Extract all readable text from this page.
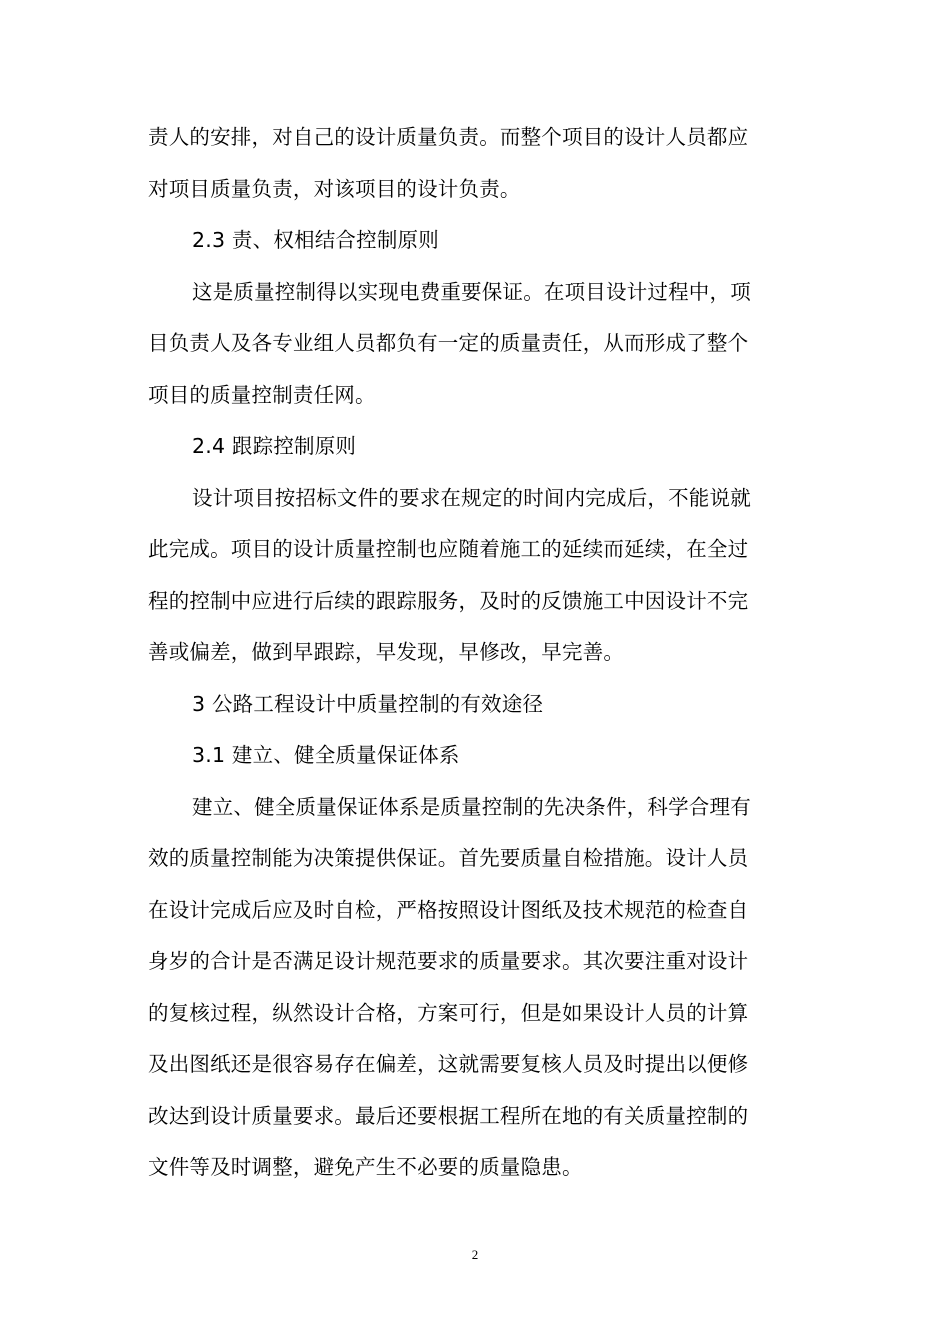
责人的安排，对自己的设计质量负责。而整个项目的设计人员都应
对项目质量负责，对该项目的设计负责。
2.3 责、权相结合控制原则
这是质量控制得以实现电费重要保证。在项目设计过程中，项
目负责人及各专业组人员都负有一定的质量责任，从而形成了整个
项目的质量控制责任网。
2.4 跟踪控制原则
设计项目按招标文件的要求在规定的时间内完成后，不能说就
此完成。项目的设计质量控制也应随着施工的延续而延续，在全过
程的控制中应进行后续的跟踪服务，及时的反馈施工中因设计不完
善或偏差，做到早跟踪，早发现，早修改，早完善。
3 公路工程设计中质量控制的有效途径
3.1 建立、健全质量保证体系
建立、健全质量保证体系是质量控制的先决条件，科学合理有
效的质量控制能为决策提供保证。首先要质量自检措施。设计人员
在设计完成后应及时自检，严格按照设计图纸及技术规范的检查自
身岁的合计是否满足设计规范要求的质量要求。其次要注重对设计
的复核过程，纵然设计合格，方案可行，但是如果设计人员的计算
及出图纸还是很容易存在偏差，这就需要复核人员及时提出以便修
改达到设计质量要求。最后还要根据工程所在地的有关质量控制的
文件等及时调整，避免产生不必要的质量隐患。
2
